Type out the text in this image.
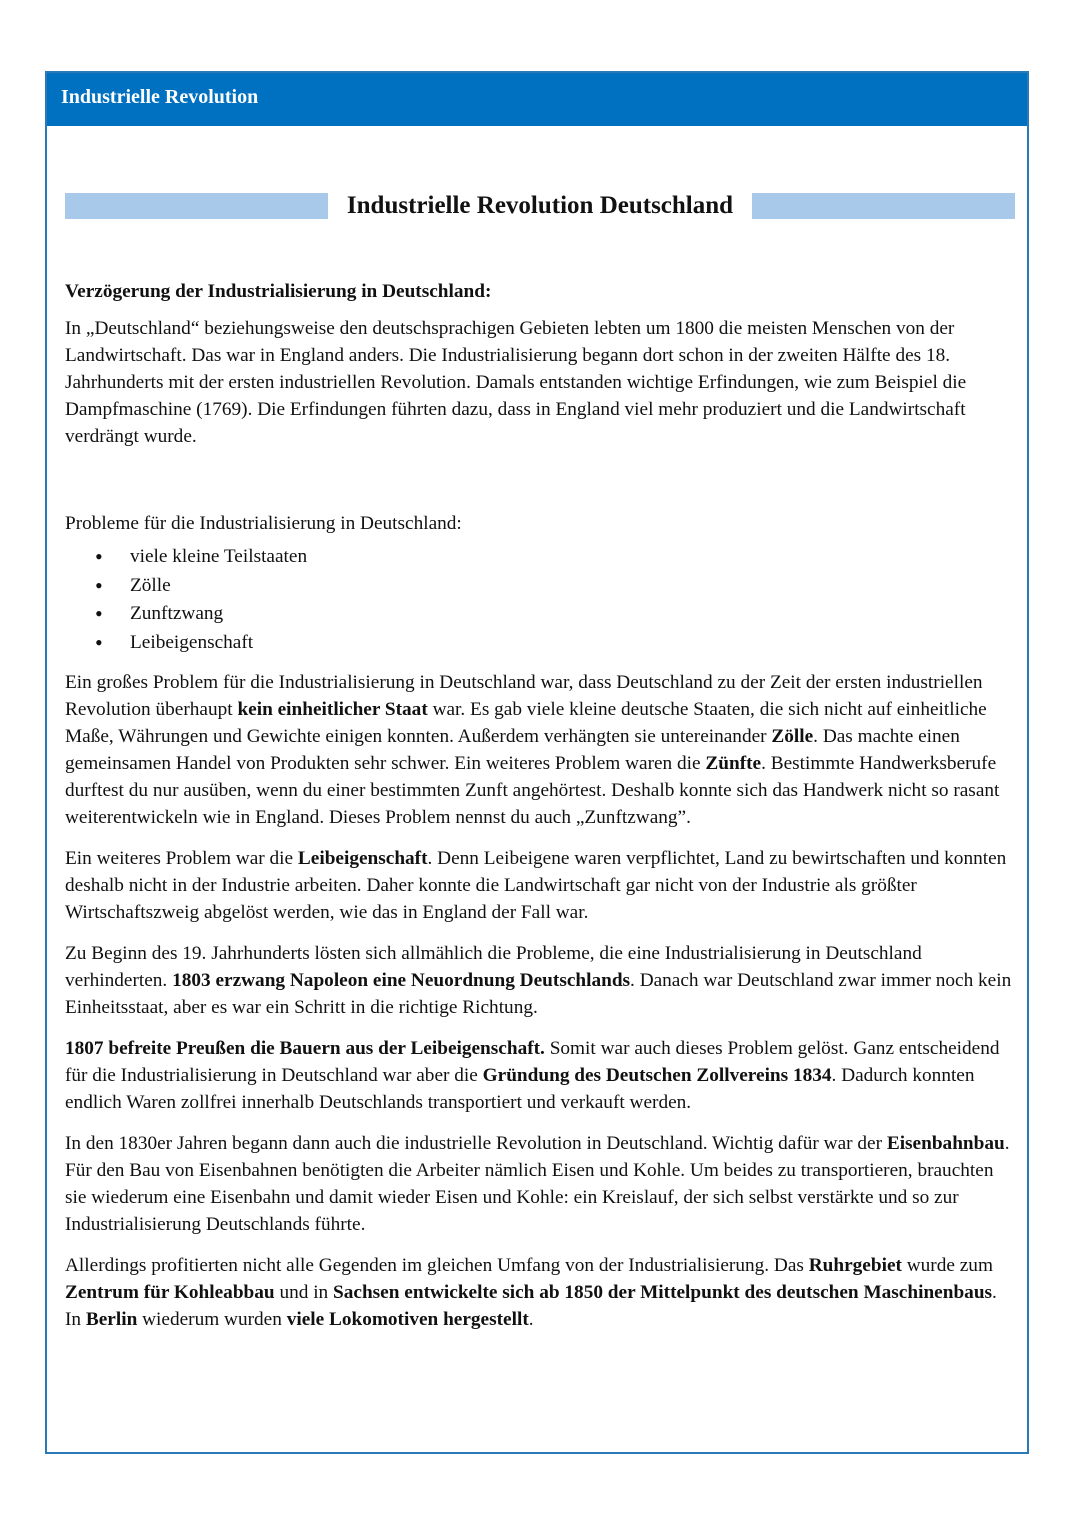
Industrielle Revolution
Industrielle Revolution Deutschland

Verzögerung der Industrialisierung in Deutschland:

In „Deutschland“ beziehungsweise den deutschsprachigen Gebieten lebten um 1800 die meisten Menschen von der Landwirtschaft. Das war in England anders. Die Industrialisierung begann dort schon in der zweiten Hälfte des 18. Jahrhunderts mit der ersten industriellen Revolution. Damals entstanden wichtige Erfindungen, wie zum Beispiel die Dampfmaschine (1769). Die Erfindungen führten dazu, dass in England viel mehr produziert und die Landwirtschaft verdrängt wurde.

Probleme für die Industrialisierung in Deutschland:

• viele kleine Teilstaaten
• Zölle
• Zunftzwang
• Leibeigenschaft

Ein großes Problem für die Industrialisierung in Deutschland war, dass Deutschland zu der Zeit der ersten industriellen Revolution überhaupt kein einheitlicher Staat war. Es gab viele kleine deutsche Staaten, die sich nicht auf einheitliche Maße, Währungen und Gewichte einigen konnten. Außerdem verhängten sie untereinander Zölle. Das machte einen gemeinsamen Handel von Produkten sehr schwer. Ein weiteres Problem waren die Zünfte. Bestimmte Handwerksberufe durftest du nur ausüben, wenn du einer bestimmten Zunft angehörtest. Deshalb konnte sich das Handwerk nicht so rasant weiterentwickeln wie in England. Dieses Problem nennst du auch „Zunftzwang”.

Ein weiteres Problem war die Leibeigenschaft. Denn Leibeigene waren verpflichtet, Land zu bewirtschaften und konnten deshalb nicht in der Industrie arbeiten. Daher konnte die Landwirtschaft gar nicht von der Industrie als größter Wirtschaftszweig abgelöst werden, wie das in England der Fall war.

Zu Beginn des 19. Jahrhunderts lösten sich allmählich die Probleme, die eine Industrialisierung in Deutschland verhinderten. 1803 erzwang Napoleon eine Neuordnung Deutschlands. Danach war Deutschland zwar immer noch kein Einheitsstaat, aber es war ein Schritt in die richtige Richtung.

1807 befreite Preußen die Bauern aus der Leibeigenschaft. Somit war auch dieses Problem gelöst. Ganz entscheidend für die Industrialisierung in Deutschland war aber die Gründung des Deutschen Zollvereins 1834. Dadurch konnten endlich Waren zollfrei innerhalb Deutschlands transportiert und verkauft werden.

In den 1830er Jahren begann dann auch die industrielle Revolution in Deutschland. Wichtig dafür war der Eisenbahnbau. Für den Bau von Eisenbahnen benötigten die Arbeiter nämlich Eisen und Kohle. Um beides zu transportieren, brauchten sie wiederum eine Eisenbahn und damit wieder Eisen und Kohle: ein Kreislauf, der sich selbst verstärkte und so zur Industrialisierung Deutschlands führte.

Allerdings profitierten nicht alle Gegenden im gleichen Umfang von der Industrialisierung. Das Ruhrgebiet wurde zum Zentrum für Kohleabbau und in Sachsen entwickelte sich ab 1850 der Mittelpunkt des deutschen Maschinenbaus. In Berlin wiederum wurden viele Lokomotiven hergestellt.
